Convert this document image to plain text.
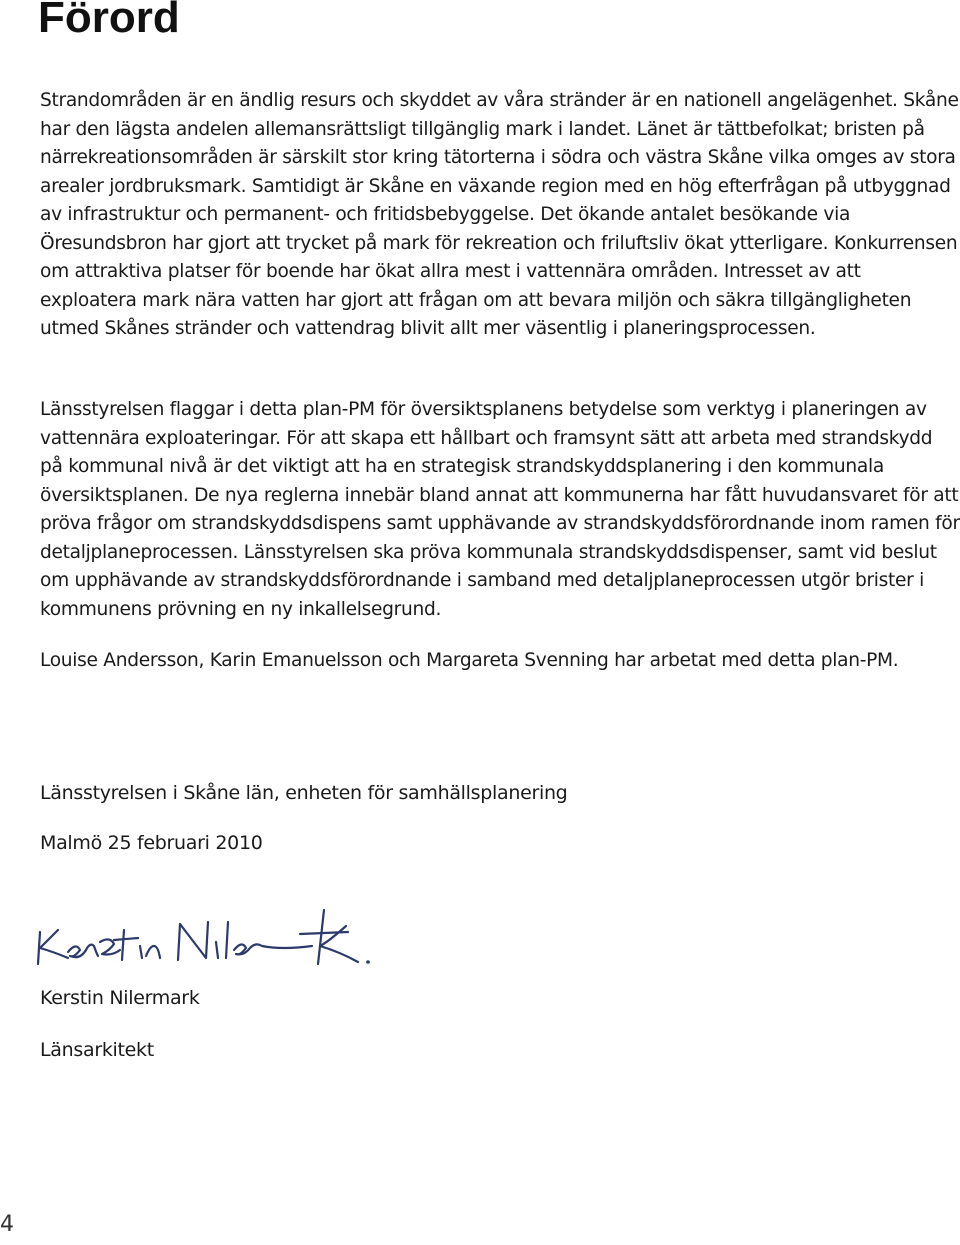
Förord

Strandområden är en ändlig resurs och skyddet av våra stränder är en nationell angelägenhet. Skåne har den lägsta andelen allemansrättsligt tillgänglig mark i landet. Länet är tättbefolkat; bristen på närrekreationsområden är särskilt stor kring tätorterna i södra och västra Skåne vilka omges av stora arealer jordbruksmark. Samtidigt är Skåne en växande region med en hög efterfrågan på utbyggnad av infrastruktur och permanent- och fritidsbebyggelse. Det ökande antalet besökande via Öresundsbron har gjort att trycket på mark för rekreation och friluftsliv ökat ytterligare. Konkurrensen om attraktiva platser för boende har ökat allra mest i vattennära områden. Intresset av att exploatera mark nära vatten har gjort att frågan om att bevara miljön och säkra tillgängligheten utmed Skånes stränder och vattendrag blivit allt mer väsentlig i planeringsprocessen.

Länsstyrelsen flaggar i detta plan-PM för översiktsplanens betydelse som verktyg i planeringen av vattennära exploateringar. För att skapa ett hållbart och framsynt sätt att arbeta med strandskydd på kommunal nivå är det viktigt att ha en strategisk strandskyddsplanering i den kommunala översiktsplanen. De nya reglerna innebär bland annat att kommunerna har fått huvudansvaret för att pröva frågor om strandskyddsdispens samt upphävande av strandskyddsförordnande inom ramen för detaljplaneprocessen. Länsstyrelsen ska pröva kommunala strandskyddsdispenser, samt vid beslut om upphävande av strandskyddsförordnande i samband med detaljplaneprocessen utgör brister i kommunens prövning en ny inkallelsegrund.

Louise Andersson, Karin Emanuelsson och Margareta Svenning har arbetat med detta plan-PM.

Länsstyrelsen i Skåne län, enheten för samhällsplanering

Malmö 25 februari 2010

Kerstin Nilermark

Länsarkitekt

4
